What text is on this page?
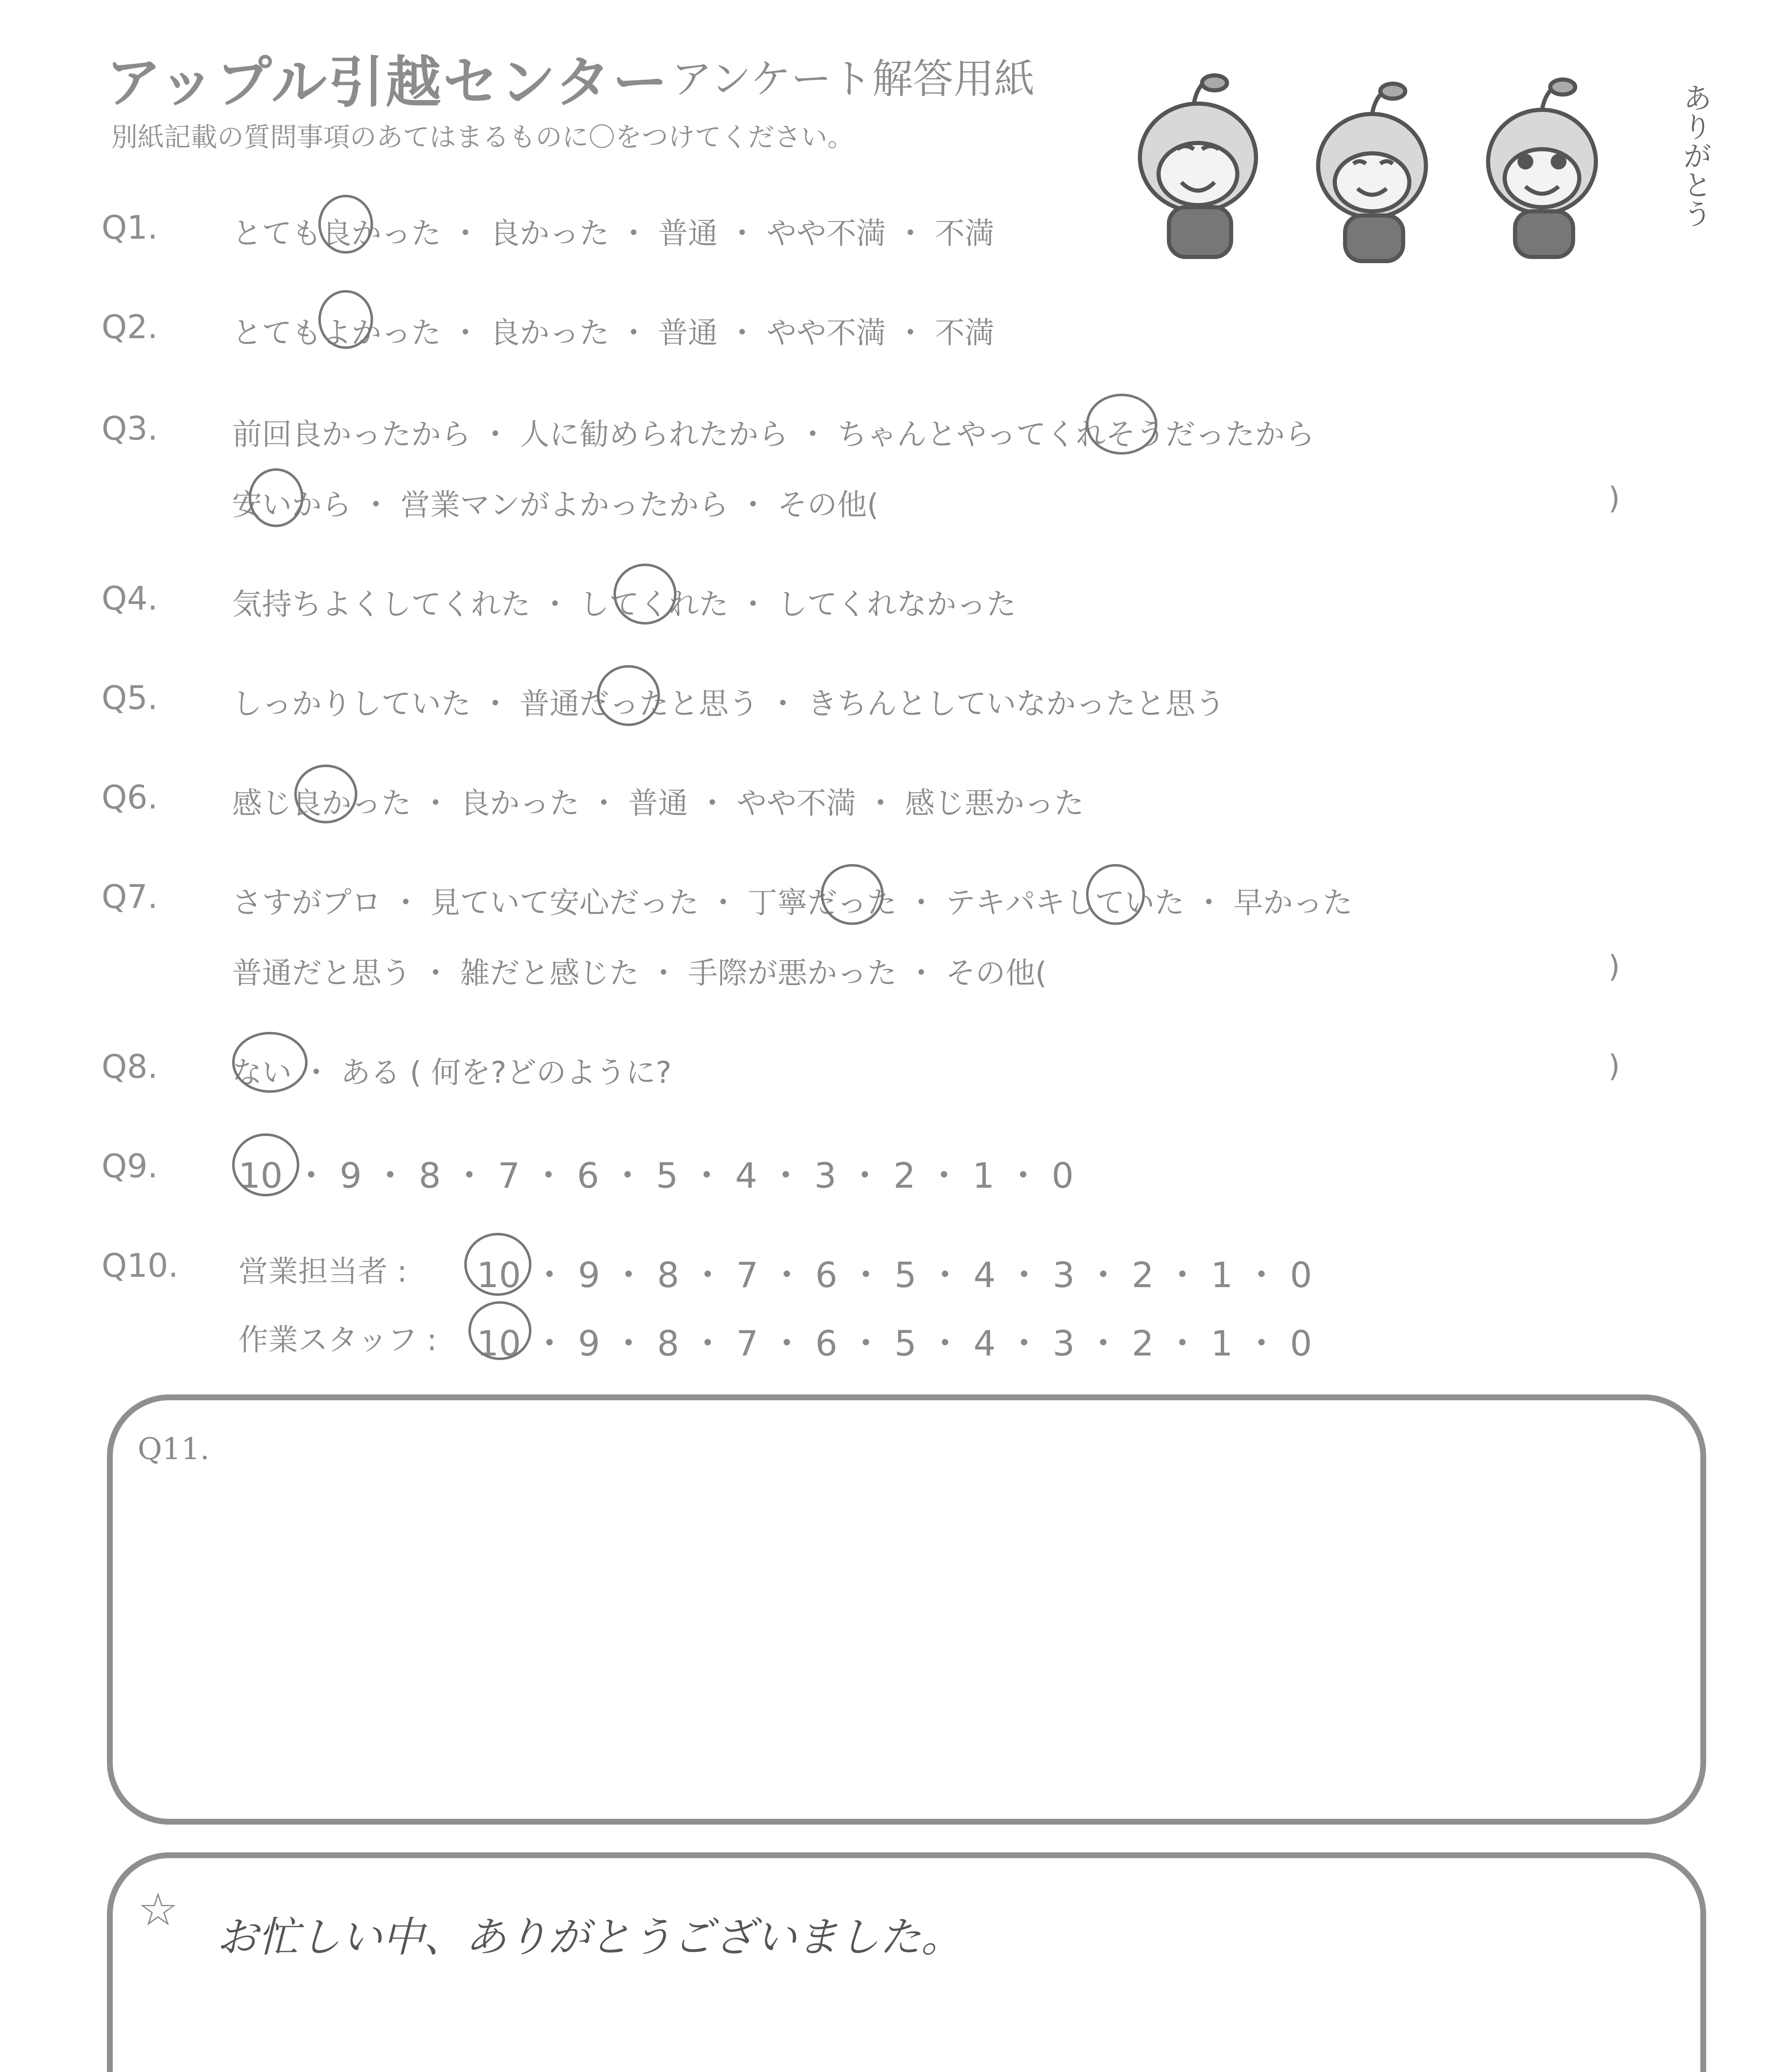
アップル引越センター アンケート解答用紙
別紙記載の質問事項のあてはまるものに〇をつけてください。	ありがとう
Q1. とても良かった ・ 良かった ・ 普通 ・ やや不満 ・ 不満
Q2. とてもよかった ・ 良かった ・ 普通 ・ やや不満 ・ 不満
Q3. 前回良かったから ・ 人に勧められたから ・ ちゃんとやってくれそうだったから
安いから ・ 営業マンがよかったから ・ その他(	)
Q4. 気持ちよくしてくれた ・ してくれた ・ してくれなかった
Q5. しっかりしていた ・ 普通だったと思う ・ きちんとしていなかったと思う
Q6. 感じ良かった ・ 良かった ・ 普通 ・ やや不満 ・ 感じ悪かった
Q7. さすがプロ ・ 見ていて安心だった ・ 丁寧だった ・ テキパキしていた ・ 早かった
普通だと思う ・ 雑だと感じた ・ 手際が悪かった ・ その他(	)
Q8. ない ・ ある ( 何を?どのように?	)
Q9. 10 ・ 9 ・ 8 ・ 7 ・ 6 ・ 5 ・ 4 ・ 3 ・ 2 ・ 1 ・ 0
Q10. 営業担当者 : 10 ・ 9 ・ 8 ・ 7 ・ 6 ・ 5 ・ 4 ・ 3 ・ 2 ・ 1 ・ 0
作業スタッフ : 10 ・ 9 ・ 8 ・ 7 ・ 6 ・ 5 ・ 4 ・ 3 ・ 2 ・ 1 ・ 0
Q11.
☆
お忙しい中、ありがとうございました。
